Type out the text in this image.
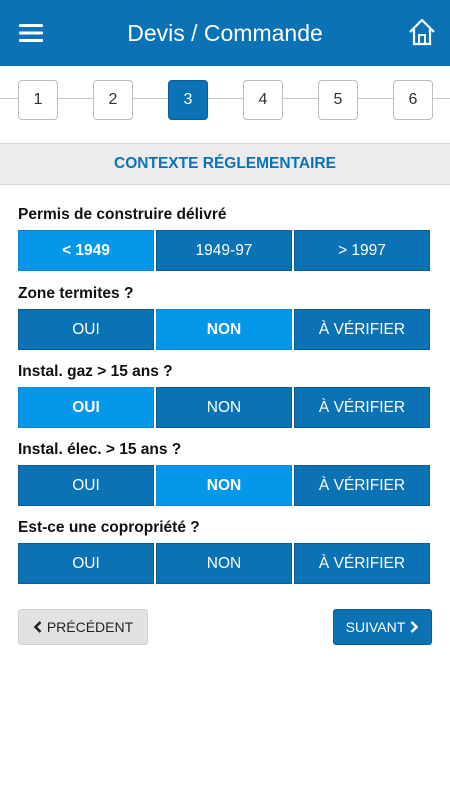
Devis / Commande
1	2	3	4	5	6
CONTEXTE RÉGLEMENTAIRE
Permis de construire délivré
< 1949	1949-97	> 1997
Zone termites ?
OUI	NON	À VÉRIFIER
Instal. gaz > 15 ans ?
OUI	NON	À VÉRIFIER
Instal. élec. > 15 ans ?
OUI	NON	À VÉRIFIER
Est-ce une copropriété ?
OUI	NON	À VÉRIFIER
PRÉCÉDENT	SUIVANT
